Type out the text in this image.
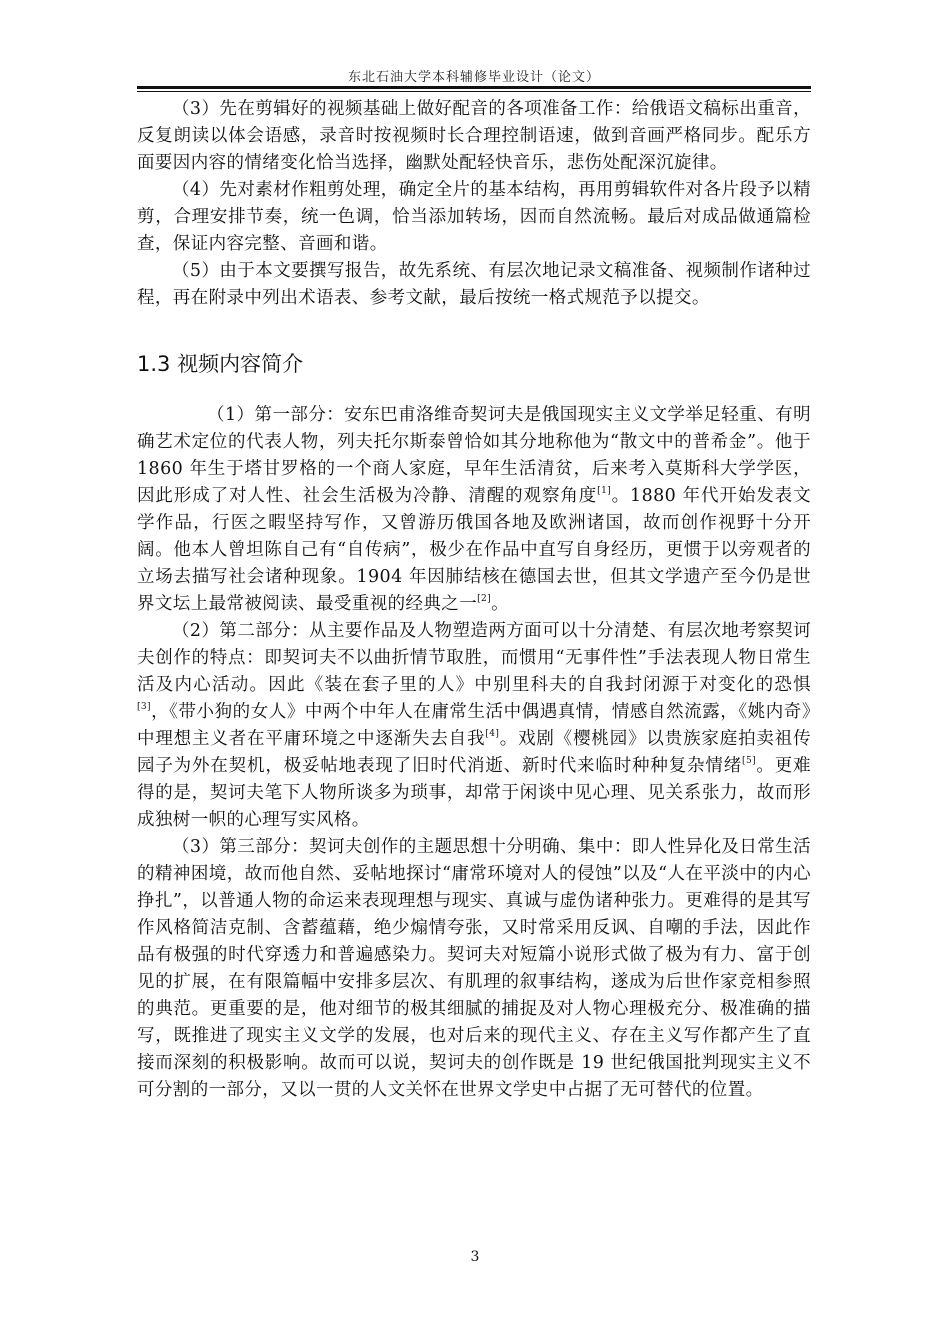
东北石油大学本科辅修毕业设计（论文）

（3）先在剪辑好的视频基础上做好配音的各项准备工作：给俄语文稿标出重音，反复朗读以体会语感，录音时按视频时长合理控制语速，做到音画严格同步。配乐方面要因内容的情绪变化恰当选择，幽默处配轻快音乐，悲伤处配深沉旋律。

（4）先对素材作粗剪处理，确定全片的基本结构，再用剪辑软件对各片段予以精剪，合理安排节奏，统一色调，恰当添加转场，因而自然流畅。最后对成品做通篇检查，保证内容完整、音画和谐。

（5）由于本文要撰写报告，故先系统、有层次地记录文稿准备、视频制作诸种过程，再在附录中列出术语表、参考文献，最后按统一格式规范予以提交。

1.3 视频内容简介

（1）第一部分：安东巴甫洛维奇契诃夫是俄国现实主义文学举足轻重、有明确艺术定位的代表人物，列夫托尔斯泰曾恰如其分地称他为“散文中的普希金”。他于 1860 年生于塔甘罗格的一个商人家庭，早年生活清贫，后来考入莫斯科大学学医，因此形成了对人性、社会生活极为冷静、清醒的观察角度[1]。1880 年代开始发表文学作品，行医之暇坚持写作，又曾游历俄国各地及欧洲诸国，故而创作视野十分开阔。他本人曾坦陈自己有“自传病”，极少在作品中直写自身经历，更惯于以旁观者的立场去描写社会诸种现象。1904 年因肺结核在德国去世，但其文学遗产至今仍是世界文坛上最常被阅读、最受重视的经典之一[2]。

（2）第二部分：从主要作品及人物塑造两方面可以十分清楚、有层次地考察契诃夫创作的特点：即契诃夫不以曲折情节取胜，而惯用“无事件性”手法表现人物日常生活及内心活动。因此《装在套子里的人》中别里科夫的自我封闭源于对变化的恐惧[3]，《带小狗的女人》中两个中年人在庸常生活中偶遇真情，情感自然流露，《姚内奇》中理想主义者在平庸环境之中逐渐失去自我[4]。戏剧《樱桃园》以贵族家庭拍卖祖传园子为外在契机，极妥帖地表现了旧时代消逝、新时代来临时种种复杂情绪[5]。更难得的是，契诃夫笔下人物所谈多为琐事，却常于闲谈中见心理、见关系张力，故而形成独树一帜的心理写实风格。

（3）第三部分：契诃夫创作的主题思想十分明确、集中：即人性异化及日常生活的精神困境，故而他自然、妥帖地探讨“庸常环境对人的侵蚀”以及“人在平淡中的内心挣扎”，以普通人物的命运来表现理想与现实、真诚与虚伪诸种张力。更难得的是其写作风格简洁克制、含蓄蕴藉，绝少煽情夸张，又时常采用反讽、自嘲的手法，因此作品有极强的时代穿透力和普遍感染力。契诃夫对短篇小说形式做了极为有力、富于创见的扩展，在有限篇幅中安排多层次、有肌理的叙事结构，遂成为后世作家竞相参照的典范。更重要的是，他对细节的极其细腻的捕捉及对人物心理极充分、极准确的描写，既推进了现实主义文学的发展，也对后来的现代主义、存在主义写作都产生了直接而深刻的积极影响。故而可以说，契诃夫的创作既是 19 世纪俄国批判现实主义不可分割的一部分，又以一贯的人文关怀在世界文学史中占据了无可替代的位置。

3
